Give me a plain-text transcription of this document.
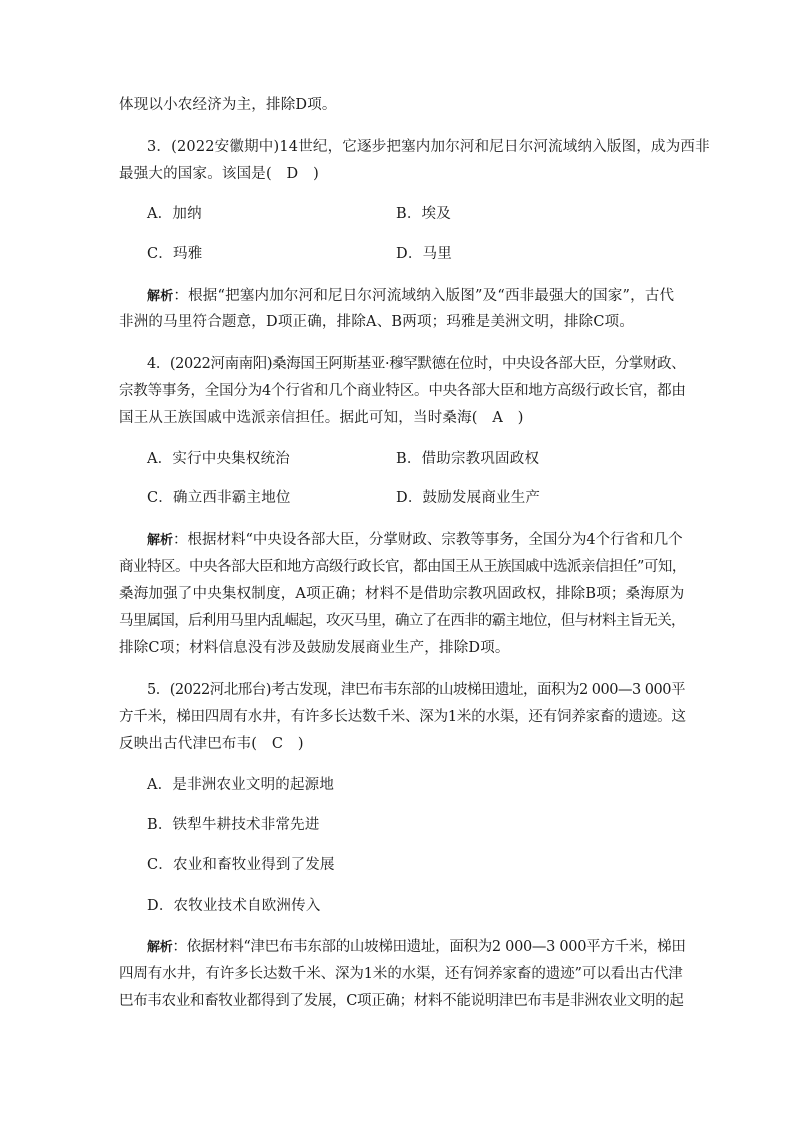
体现以小农经济为主，排除D项。
3．(2022安徽期中)14世纪，它逐步把塞内加尔河和尼日尔河流域纳入版图，成为西非
最强大的国家。该国是(　D　)
A．加纳	B．埃及
C．玛雅	D．马里
解析：根据“把塞内加尔河和尼日尔河流域纳入版图”及“西非最强大的国家”，古代
非洲的马里符合题意，D项正确，排除A、B两项；玛雅是美洲文明，排除C项。
4．(2022河南南阳)桑海国王阿斯基亚·穆罕默德在位时，中央设各部大臣，分掌财政、
宗教等事务，全国分为4个行省和几个商业特区。中央各部大臣和地方高级行政长官，都由
国王从王族国戚中选派亲信担任。据此可知，当时桑海(　A　)
A．实行中央集权统治	B．借助宗教巩固政权
C．确立西非霸主地位	D．鼓励发展商业生产
解析：根据材料“中央设各部大臣，分掌财政、宗教等事务，全国分为4个行省和几个
商业特区。中央各部大臣和地方高级行政长官，都由国王从王族国戚中选派亲信担任”可知，
桑海加强了中央集权制度，A项正确；材料不是借助宗教巩固政权，排除B项；桑海原为
马里属国，后利用马里内乱崛起，攻灭马里，确立了在西非的霸主地位，但与材料主旨无关，
排除C项；材料信息没有涉及鼓励发展商业生产，排除D项。
5．(2022河北邢台)考古发现，津巴布韦东部的山坡梯田遗址，面积为2 000—3 000平
方千米，梯田四周有水井，有许多长达数千米、深为1米的水渠，还有饲养家畜的遗迹。这
反映出古代津巴布韦(　C　)
A．是非洲农业文明的起源地
B．铁犁牛耕技术非常先进
C．农业和畜牧业得到了发展
D．农牧业技术自欧洲传入
解析：依据材料“津巴布韦东部的山坡梯田遗址，面积为2 000—3 000平方千米，梯田
四周有水井，有许多长达数千米、深为1米的水渠，还有饲养家畜的遗迹”可以看出古代津
巴布韦农业和畜牧业都得到了发展，C项正确；材料不能说明津巴布韦是非洲农业文明的起
